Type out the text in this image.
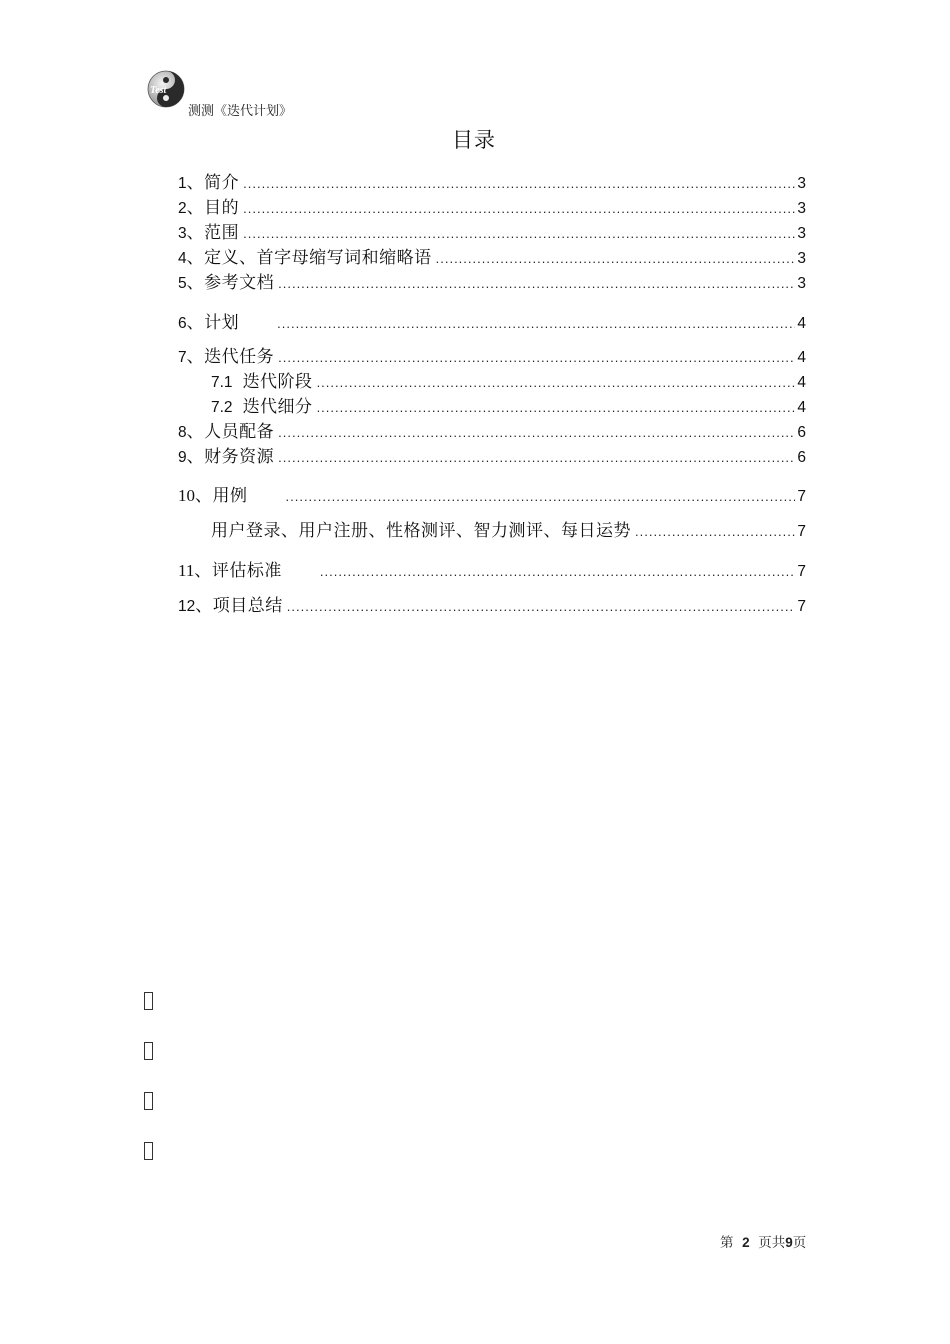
Test
测测《迭代计划》
目录
1 、简介 .....	3
2 、目的 .....	3
3 、范围 .....	3
4 、定义、首字母缩写词和缩略语 .....	3
5 、参考文档 .....	3
6 、计划 .....	4
7 、迭代任务 .....	4
7.1 迭代阶段 .....	4
7.2 迭代细分 .....	4
8 、人员配备 .....	6
9 、财务资源 .....	6
10 、用例 .....	7
用户登录、用户注册、性格测评、智力测评、每日运势 .....	7
11 、评估标准 .....	7
12 、项目总结 .....	7
第 2 页共9页
